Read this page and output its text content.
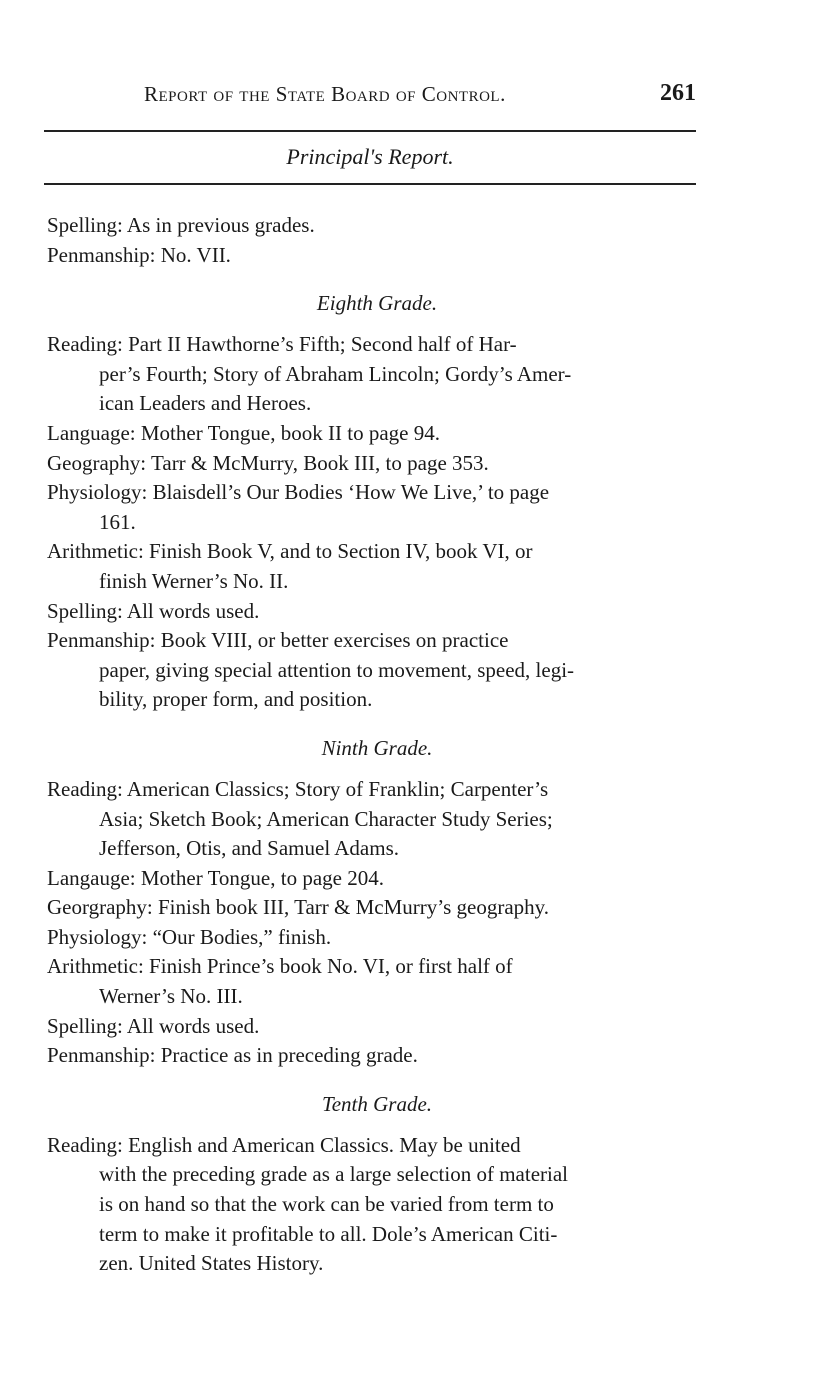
Report of the State Board of Control.	261
Principal's Report.
Spelling: As in previous grades.
Penmanship: No. VII.
Eighth Grade.
Reading: Part II Hawthorne’s Fifth; Second half of Har-
per’s Fourth; Story of Abraham Lincoln; Gordy’s Amer-
ican Leaders and Heroes.
Language: Mother Tongue, book II to page 94.
Geography: Tarr & McMurry, Book III, to page 353.
Physiology: Blaisdell’s Our Bodies ‘How We Live,’ to page
161.
Arithmetic: Finish Book V, and to Section IV, book VI, or
finish Werner’s No. II.
Spelling: All words used.
Penmanship: Book VIII, or better exercises on practice
paper, giving special attention to movement, speed, legi-
bility, proper form, and position.
Ninth Grade.
Reading: American Classics; Story of Franklin; Carpenter’s
Asia; Sketch Book; American Character Study Series;
Jefferson, Otis, and Samuel Adams.
Langauge: Mother Tongue, to page 204.
Georgraphy: Finish book III, Tarr & McMurry’s geography.
Physiology: “Our Bodies,” finish.
Arithmetic: Finish Prince’s book No. VI, or first half of
Werner’s No. III.
Spelling: All words used.
Penmanship: Practice as in preceding grade.
Tenth Grade.
Reading: English and American Classics. May be united
with the preceding grade as a large selection of material
is on hand so that the work can be varied from term to
term to make it profitable to all. Dole’s American Citi-
zen. United States History.
